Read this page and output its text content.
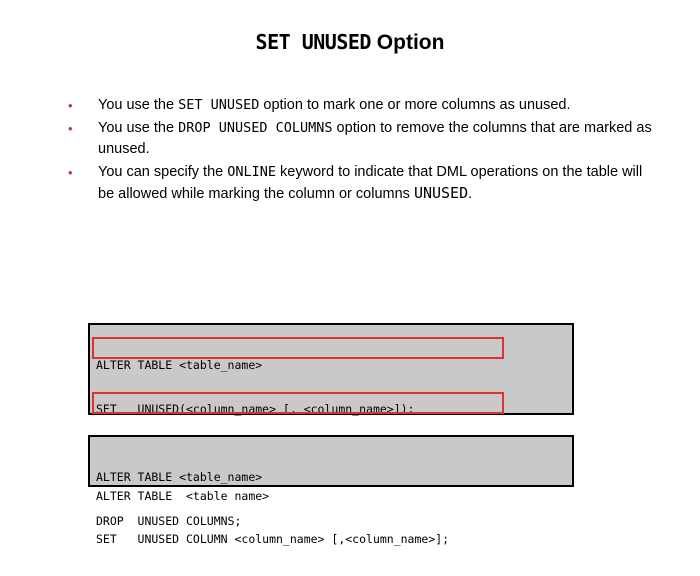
SET UNUSED Option
• You use the SET UNUSED option to mark one or more columns as unused.
• You use the DROP UNUSED COLUMNS option to remove the columns that are marked as unused.
• You can specify the ONLINE keyword to indicate that DML operations on the table will be allowed while marking the column or columns UNUSED.

ALTER TABLE <table_name>

SET   UNUSED(<column_name> [, <column_name>]);

ALTER TABLE  <table name>

SET   UNUSED COLUMN <column_name> [,<column_name>];

ALTER TABLE <table_name>

DROP  UNUSED COLUMNS;
